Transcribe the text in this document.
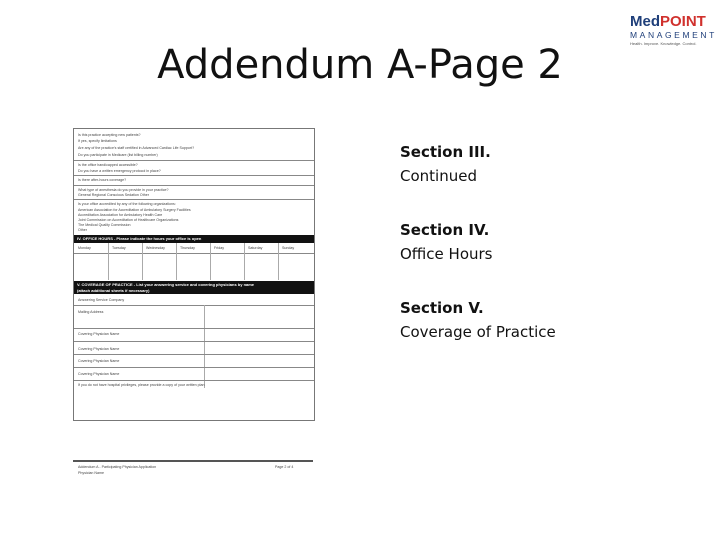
Addendum A-Page 2
MedPOINT
MANAGEMENT
Health. Improve. Knowledge. Control.
Is this practice accepting new patients?
If yes, specify limitations
Are any of the practice's staff certified in Advanced Cardiac Life Support?
Do you participate in Medicare (list billing number)
Is the office handicapped accessible?
Do you have a written emergency protocol in place?
Is there after-hours coverage?
What type of anesthesia do you provide in your practice?
General Regional Conscious Sedation Other
Is your office accredited by any of the following organizations:
American Association for Accreditation of Ambulatory Surgery Facilities
Accreditation Association for Ambulatory Health Care
Joint Commission on Accreditation of Healthcare Organizations
The Medical Quality Commission
Other
IV. OFFICE HOURS - Please indicate the hours your office is open
Monday	Tuesday	Wednesday	Thursday	Friday	Saturday	Sunday
V. COVERAGE OF PRACTICE - List your answering service and covering physicians by name
(attach additional sheets if necessary)
Answering Service Company
Mailing Address
Covering Physician Name
Covering Physician Name
Covering Physician Name
Covering Physician Name
If you do not have hospital privileges, please provide a copy of your written plan
Addendum A - Participating Physician Application
Physician Name
Page 2 of 4
Section III.
Continued
Section IV.
Office Hours
Section V.
Coverage of Practice
